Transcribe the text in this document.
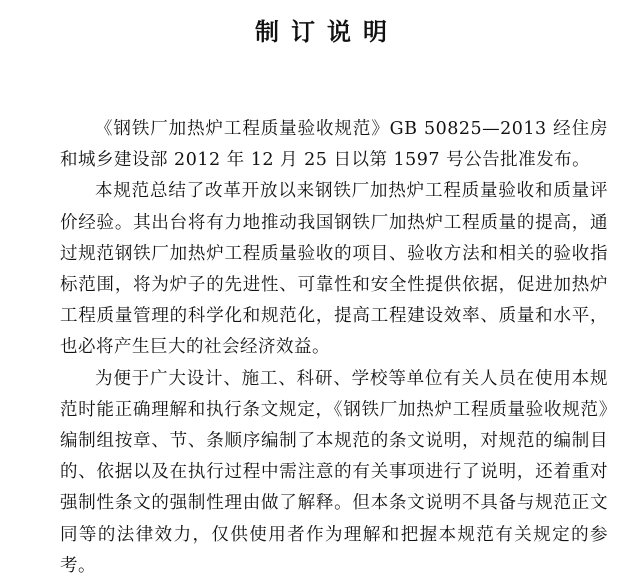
制订说明

《钢铁厂加热炉工程质量验收规范》GB 50825—2013 经住房和城乡建设部 2012 年 12 月 25 日以第 1597 号公告批准发布。

本规范总结了改革开放以来钢铁厂加热炉工程质量验收和质量评价经验。其出台将有力地推动我国钢铁厂加热炉工程质量的提高，通过规范钢铁厂加热炉工程质量验收的项目、验收方法和相关的验收指标范围，将为炉子的先进性、可靠性和安全性提供依据，促进加热炉工程质量管理的科学化和规范化，提高工程建设效率、质量和水平，也必将产生巨大的社会经济效益。

为便于广大设计、施工、科研、学校等单位有关人员在使用本规范时能正确理解和执行条文规定，《钢铁厂加热炉工程质量验收规范》编制组按章、节、条顺序编制了本规范的条文说明，对规范的编制目的、依据以及在执行过程中需注意的有关事项进行了说明，还着重对强制性条文的强制性理由做了解释。但本条文说明不具备与规范正文同等的法律效力，仅供使用者作为理解和把握本规范有关规定的参考。
